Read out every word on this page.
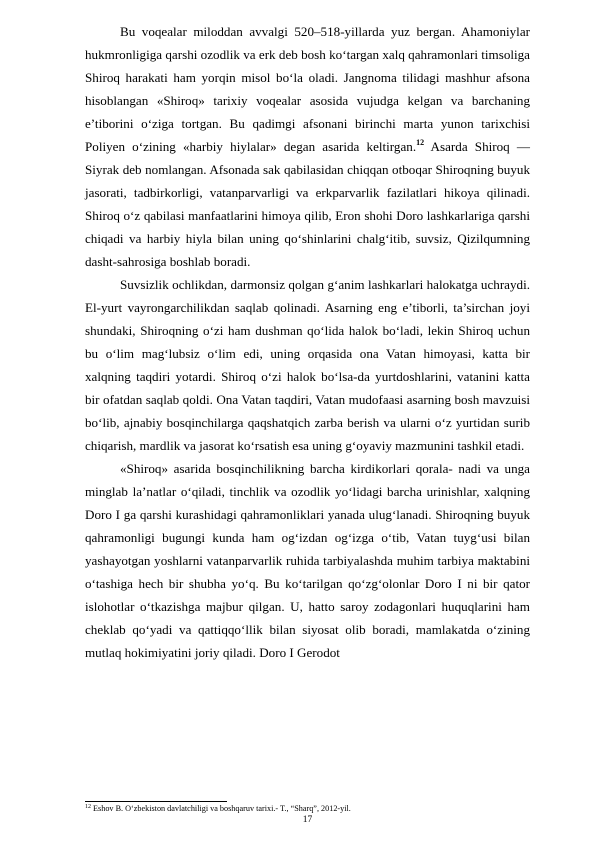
Bu voqealar miloddan avvalgi 520–518-yillarda yuz bergan. Ahamoniylar hukmronligiga qarshi ozodlik va erk deb bosh ko‘targan xalq qahramonlari timsoliga Shiroq harakati ham yorqin misol bo‘la oladi. Jangnoma tilidagi mashhur afsona hisoblangan «Shiroq» tarixiy voqealar asosida vujudga kelgan va barchaning e’tiborini o‘ziga tortgan. Bu qadimgi afsonani birinchi marta yunon tarixchisi Poliyen o‘zining «harbiy hiylalar» degan asarida keltirgan.$^{12}$ Asarda Shiroq — Siyrak deb nomlangan. Afsonada sak qabilasidan chiqqan otboqar Shiroqning buyuk jasorati, tadbirkorligi, vatanparvarligi va erkparvarlik fazilatlari hikoya qilinadi. Shiroq o‘z qabilasi manfaatlarini himoya qilib, Eron shohi Doro lashkarlariga qarshi chiqadi va harbiy hiyla bilan uning qo‘shinlarini chalg‘itib, suvsiz, Qizilqumning dasht-sahrosiga boshlab boradi.

Suvsizlik ochlikdan, darmonsiz qolgan g‘anim lashkarlari halokatga uchraydi. El-yurt vayrongarchilikdan saqlab qolinadi. Asarning eng e’tiborli, ta’sirchan joyi shundaki, Shiroqning o‘zi ham dushman qo‘lida halok bo‘ladi, lekin Shiroq uchun bu o‘lim mag‘lubsiz o‘lim edi, uning orqasida ona Vatan himoyasi, katta bir xalqning taqdiri yotardi. Shiroq o‘zi halok bo‘lsa-da yurtdoshlarini, vatanini katta bir ofatdan saqlab qoldi. Ona Vatan taqdiri, Vatan mudofaasi asarning bosh mavzuisi bo‘lib, ajnabiy bosqinchilarga qaqshatqich zarba berish va ularni o‘z yurtidan surib chiqarish, mardlik va jasorat ko‘rsatish esa uning g‘oyaviy mazmunini tashkil etadi.

«Shiroq» asarida bosqinchilikning barcha kirdikorlari qorala- nadi va unga minglab la’natlar o‘qiladi, tinchlik va ozodlik yo‘lidagi barcha urinishlar, xalqning Doro I ga qarshi kurashidagi qahramonliklari yanada ulug‘lanadi. Shiroqning buyuk qahramonligi bugungi kunda ham og‘izdan og‘izga o‘tib, Vatan tuyg‘usi bilan yashayotgan yoshlarni vatanparvarlik ruhida tarbiyalashda muhim tarbiya maktabini o‘tashiga hech bir shubha yo‘q. Bu ko‘tarilgan qo‘zg‘olonlar Doro I ni bir qator islohotlar o‘tkazishga majbur qilgan. U, hatto saroy zodagonlari huquqlarini ham cheklab qo‘yadi va qattiqqo‘llik bilan siyosat olib boradi, mamlakatda o‘zining mutlaq hokimiyatini joriy qiladi. Doro I Gerodot

$^{12}$ Eshov B. O‘zbekiston davlatchiligi va boshqaruv tarixi.- T., “Sharq”, 2012-yil.
17
